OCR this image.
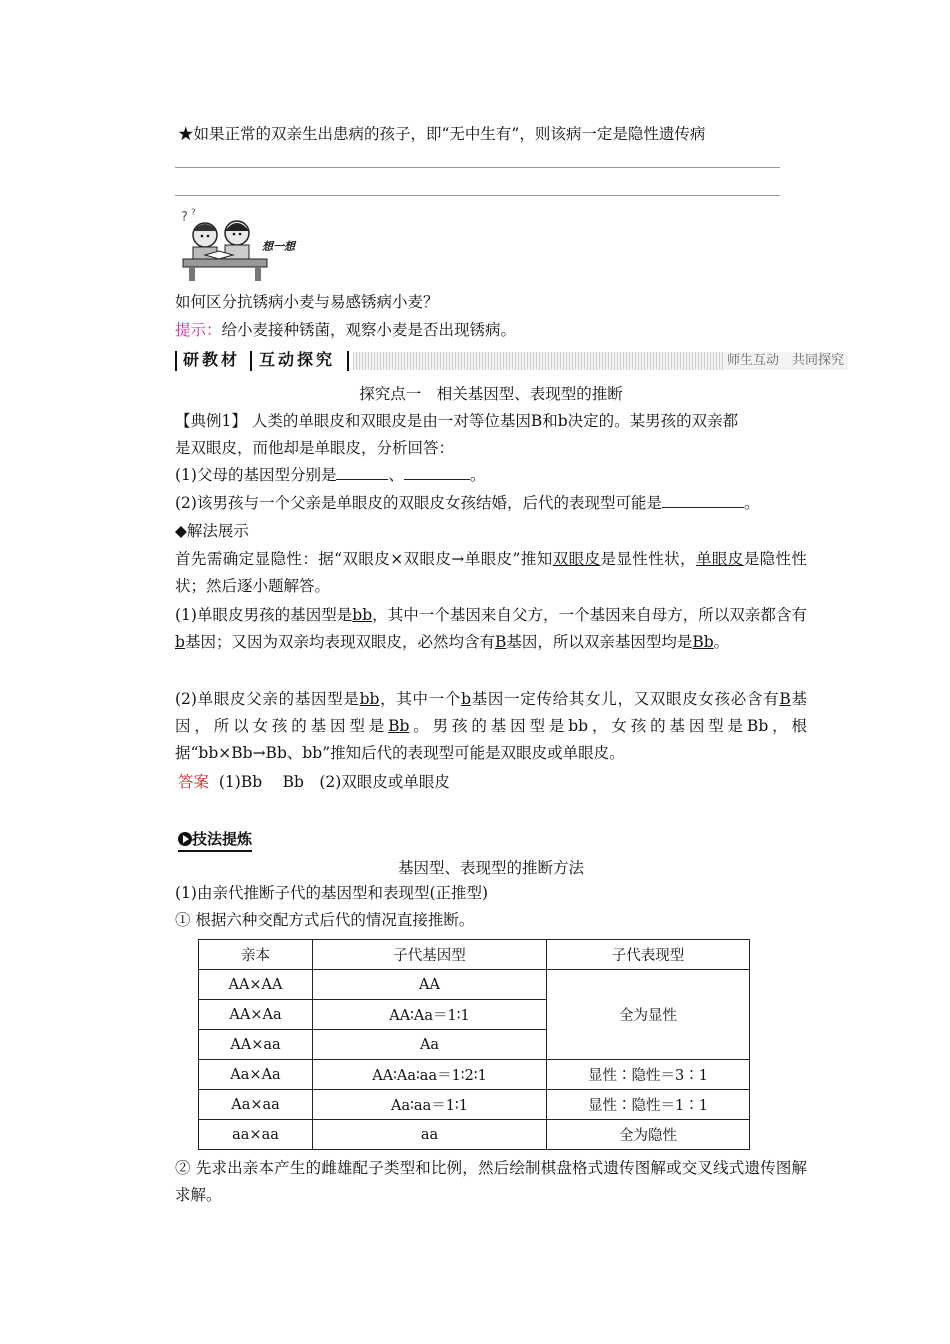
★如果正常的双亲生出患病的孩子，即“无中生有”，则该病一定是隐性遗传病
? ?
想一想
如何区分抗锈病小麦与易感锈病小麦？
提示：给小麦接种锈菌，观察小麦是否出现锈病。
研教材 互动探究	师生互动　共同探究
探究点一　相关基因型、表现型的推断

【典例1】 人类的单眼皮和双眼皮是由一对等位基因B和b决定的。某男孩的双亲都
是双眼皮，而他却是单眼皮，分析回答：

(1)父母的基因型分别是	、	。
(2)该男孩与一个父亲是单眼皮的双眼皮女孩结婚，后代的表现型可能是	。
◆解法展示

首先需确定显隐性：据“双眼皮×双眼皮→单眼皮”推知双眼皮是显性性状，单眼皮是隐性性状；然后逐小题解答。

(1)单眼皮男孩的基因型是bb，其中一个基因来自父方，一个基因来自母方，所以双亲都含有b基因；又因为双亲均表现双眼皮，必然均含有B基因，所以双亲基因型均是Bb。

(2)单眼皮父亲的基因型是bb，其中一个b基因一定传给其女儿，又双眼皮女孩必含有B基因，所以女孩的基因型是Bb。男孩的基因型是bb，女孩的基因型是Bb，根据“bb×Bb→Bb、bb”推知后代的表现型可能是双眼皮或单眼皮。

答案 (1)Bb　 Bb　(2)双眼皮或单眼皮
技法提炼
基因型、表现型的推断方法
(1)由亲代推断子代的基因型和表现型(正推型)
① 根据六种交配方式后代的情况直接推断。
亲本	子代基因型	子代表现型
AA×AA	AA	全为显性
AA×Aa	AA∶Aa＝1∶1	
AA×aa	Aa	
Aa×Aa	AA∶Aa∶aa＝1∶2∶1	显性∶隐性＝3∶1
Aa×aa	Aa∶aa＝1∶1	显性∶隐性＝1∶1
aa×aa	aa	全为隐性

② 先求出亲本产生的雌雄配子类型和比例，然后绘制棋盘格式遗传图解或交叉线式遗传图解求解。
